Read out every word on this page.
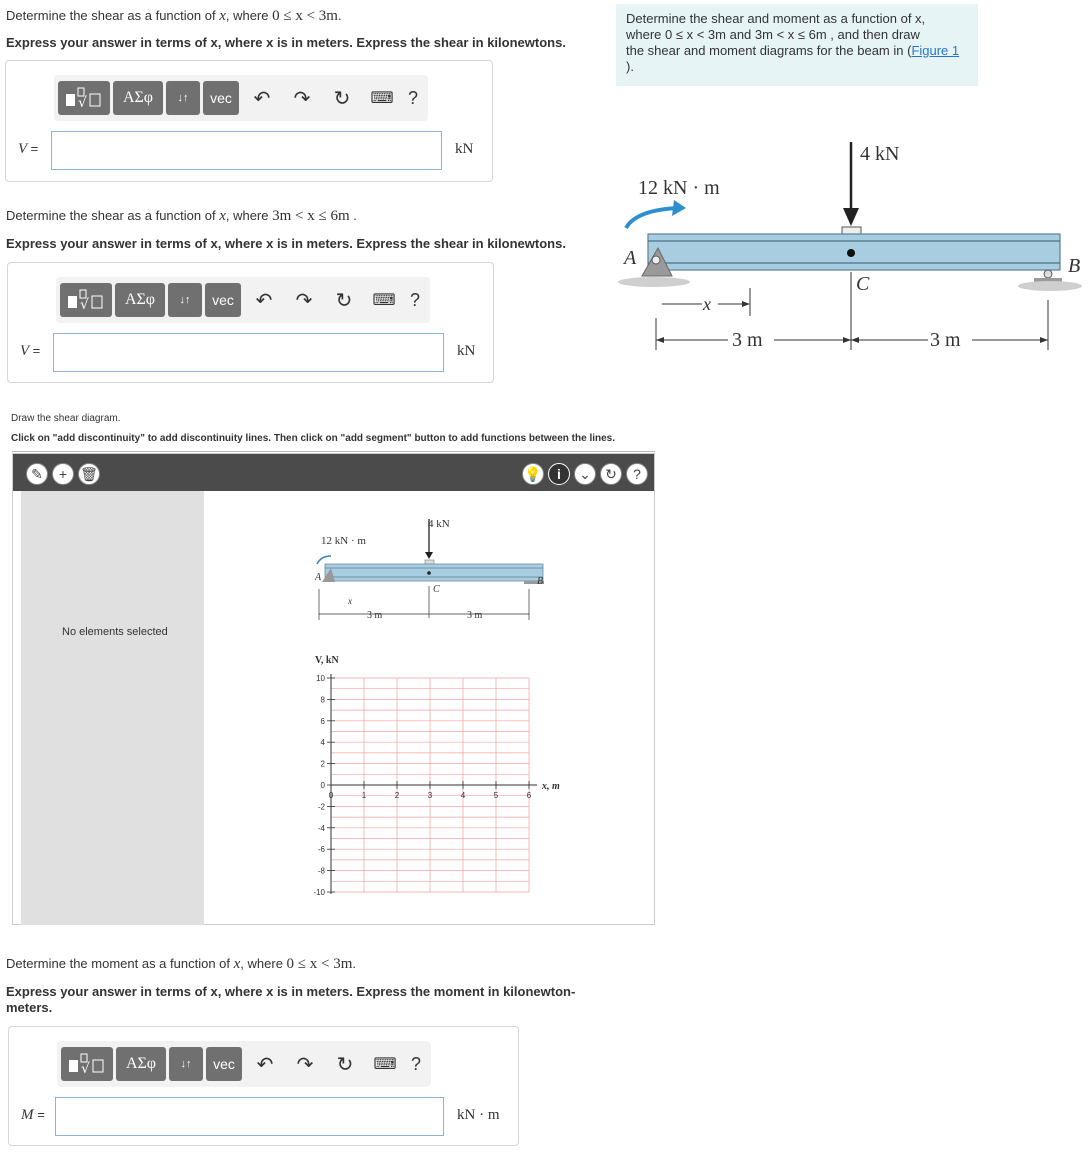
Determine the shear as a function of x, where 0 ≤ x < 3m.
Express your answer in terms of x, where x is in meters. Express the shear in kilonewtons.
√	ΑΣφ	↓↑	vec	↶	↷	↻	⌨ ?
V =	kN
Determine the shear as a function of x, where 3m < x ≤ 6m .
Express your answer in terms of x, where x is in meters. Express the shear in kilonewtons.
√	ΑΣφ	↓↑	vec	↶	↷	↻	⌨ ?
V =	kN
Draw the shear diagram.
Click on "add discontinuity" to add discontinuity lines. Then click on "add segment" button to add functions between the lines.
✎	+ 🗑	💡	i	⌄	↻	?
No elements selected
12 kN · m
4 kN
A	B
C
3 m	3 m
x
V, kN
x, m
10
8
6
4
2
0
-2
-4
-6
-8
-10
0	1	2	3	4	5	6
Determine the moment as a function of x, where 0 ≤ x < 3m.
Express your answer in terms of x, where x is in meters. Express the moment in kilonewton-
meters.
√	ΑΣφ	↓↑	vec	↶	↷	↻	⌨ ?
M =	kN · m
Determine the shear and moment as a function of x,
where 0 ≤ x < 3m and 3m < x ≤ 6m , and then draw
the shear and moment diagrams for the beam in (Figure 1
).
12 kN · m
4 kN
A	B
C
x
3 m	3 m
